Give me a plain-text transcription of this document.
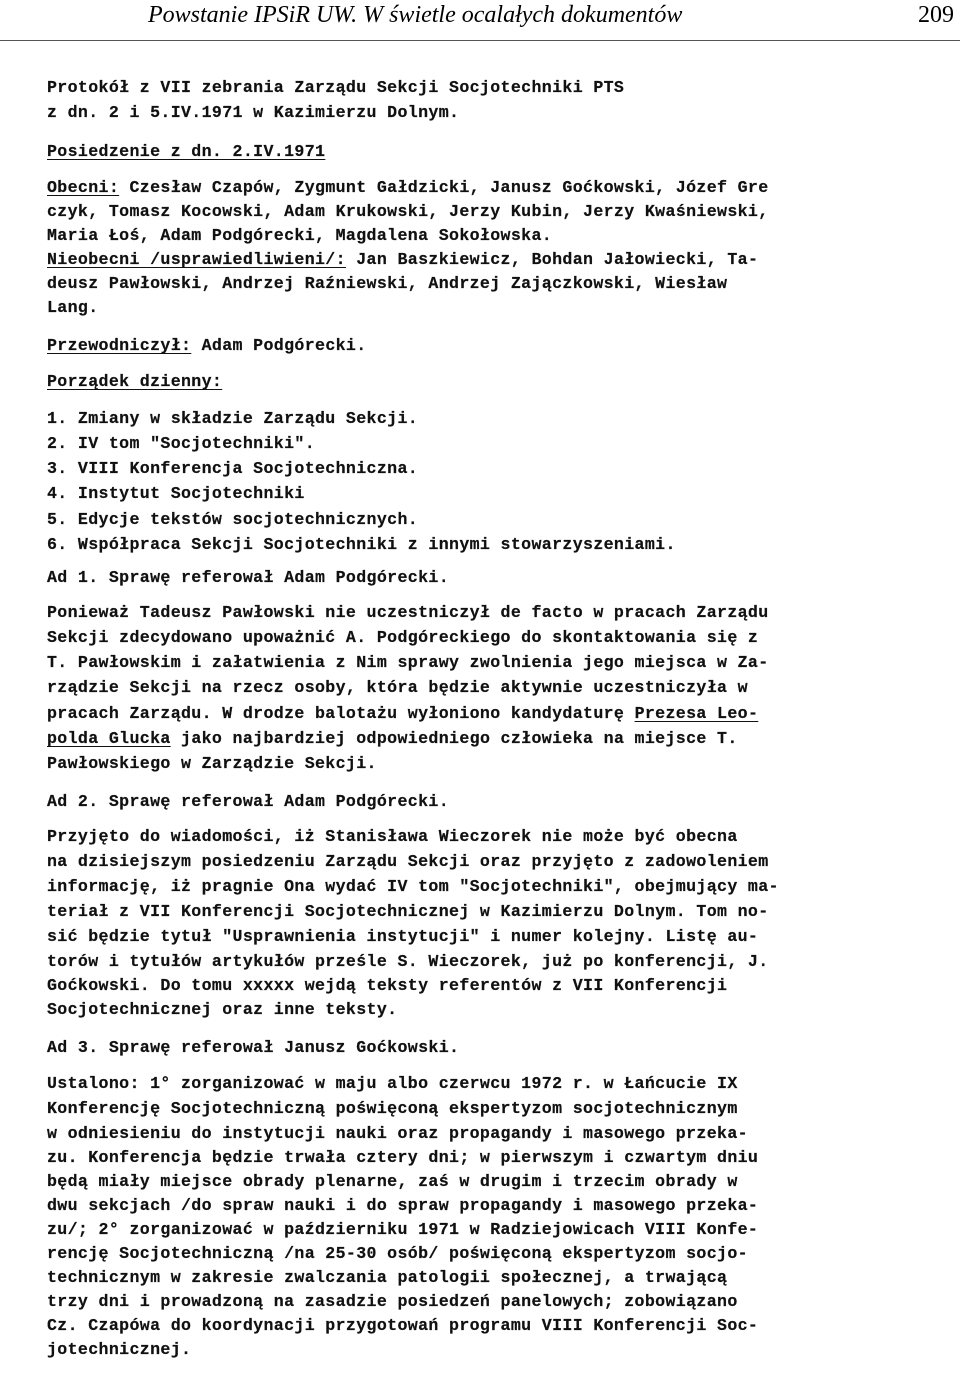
Powstanie IPSiR UW. W świetle ocalałych dokumentów	209
Protokół z VII zebrania Zarządu Sekcji Socjotechniki PTS
z dn. 2 i 5.IV.1971 w Kazimierzu Dolnym.
Posiedzenie z dn. 2.IV.1971
Obecni: Czesław Czapów, Zygmunt Gałdzicki, Janusz Goćkowski, Józef Gre
czyk, Tomasz Kocowski, Adam Krukowski, Jerzy Kubin, Jerzy Kwaśniewski,
Maria Łoś, Adam Podgórecki, Magdalena Sokołowska.
Nieobecni /usprawiedliwieni/: Jan Baszkiewicz, Bohdan Jałowiecki, Ta-
deusz Pawłowski, Andrzej Raźniewski, Andrzej Zajączkowski, Wiesław
Lang.
Przewodniczył: Adam Podgórecki.
Porządek dzienny:
1. Zmiany w składzie Zarządu Sekcji.
2. IV tom "Socjotechniki".
3. VIII Konferencja Socjotechniczna.
4. Instytut Socjotechniki
5. Edycje tekstów socjotechnicznych.
6. Współpraca Sekcji Socjotechniki z innymi stowarzyszeniami.
Ad 1. Sprawę referował Adam Podgórecki.
Ponieważ Tadeusz Pawłowski nie uczestniczył de facto w pracach Zarządu
Sekcji zdecydowano upoważnić A. Podgóreckiego do skontaktowania się z
T. Pawłowskim i załatwienia z Nim sprawy zwolnienia jego miejsca w Za-
rządzie Sekcji na rzecz osoby, która będzie aktywnie uczestniczyła w
pracach Zarządu. W drodze balotażu wyłoniono kandydaturę Prezesa Leo-
polda Glucka jako najbardziej odpowiedniego człowieka na miejsce T.
Pawłowskiego w Zarządzie Sekcji.
Ad 2. Sprawę referował Adam Podgórecki.
Przyjęto do wiadomości, iż Stanisława Wieczorek nie może być obecna
na dzisiejszym posiedzeniu Zarządu Sekcji oraz przyjęto z zadowoleniem
informację, iż pragnie Ona wydać IV tom "Socjotechniki", obejmujący ma-
teriał z VII Konferencji Socjotechnicznej w Kazimierzu Dolnym. Tom no-
sić będzie tytuł "Usprawnienia instytucji" i numer kolejny. Listę au-
torów i tytułów artykułów prześle S. Wieczorek, już po konferencji, J.
Goćkowski. Do tomu xxxxx wejdą teksty referentów z VII Konferencji
Socjotechnicznej oraz inne teksty.
Ad 3. Sprawę referował Janusz Goćkowski.
Ustalono: 1° zorganizować w maju albo czerwcu 1972 r. w Łańcucie IX
Konferencję Socjotechniczną poświęconą ekspertyzom socjotechnicznym
w odniesieniu do instytucji nauki oraz propagandy i masowego przeka-
zu. Konferencja będzie trwała cztery dni; w pierwszym i czwartym dniu
będą miały miejsce obrady plenarne, zaś w drugim i trzecim obrady w
dwu sekcjach /do spraw nauki i do spraw propagandy i masowego przeka-
zu/; 2° zorganizować w październiku 1971 w Radziejowicach VIII Konfe-
rencję Socjotechniczną /na 25-30 osób/ poświęconą ekspertyzom socjo-
technicznym w zakresie zwalczania patologii społecznej, a trwającą
trzy dni i prowadzoną na zasadzie posiedzeń panelowych; zobowiązano
Cz. Czapówa do koordynacji przygotowań programu VIII Konferencji Soc-
jotechnicznej.
